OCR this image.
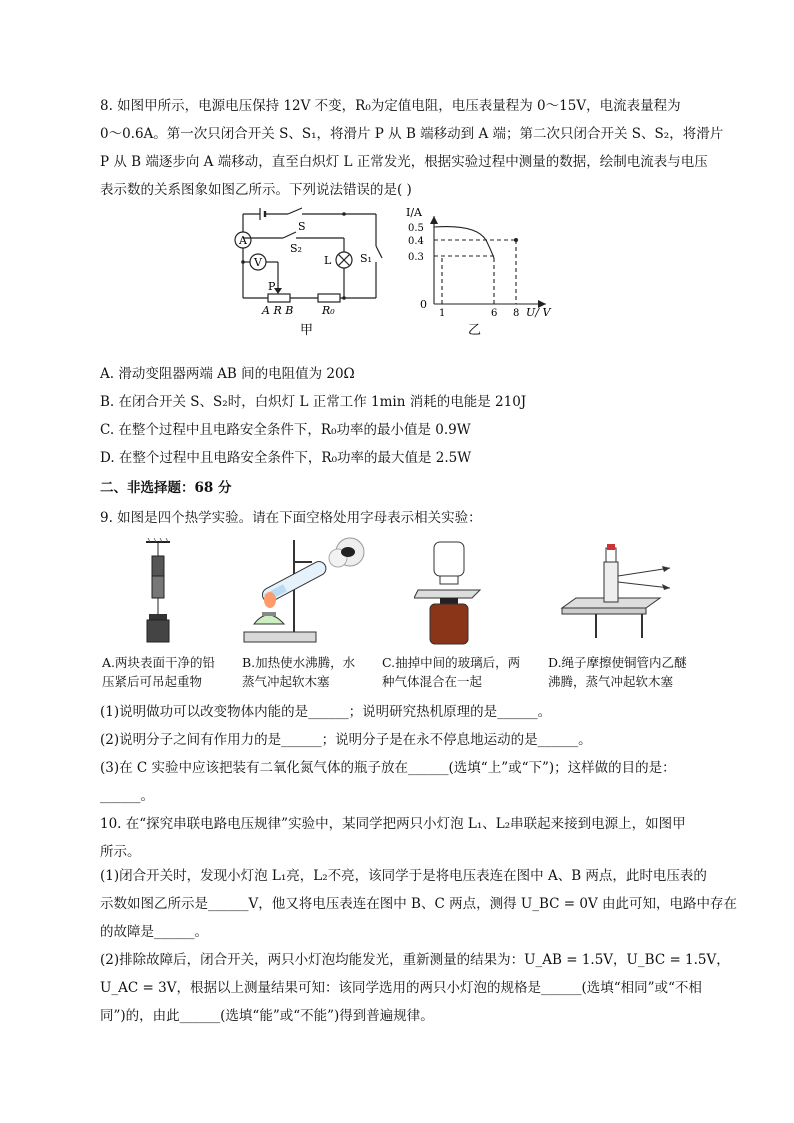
8. 如图甲所示，电源电压保持 12V 不变，R₀为定值电阻，电压表量程为 0～15V，电流表量程为
0～0.6A。第一次只闭合开关 S、S₁，将滑片 P 从 B 端移动到 A 端；第二次只闭合开关 S、S₂，将滑片
P 从 B 端逐步向 A 端移动，直至白炽灯 L 正常发光，根据实验过程中测量的数据，绘制电流表与电压
表示数的关系图象如图乙所示。下列说法错误的是( )
A
V
S
S₂
L	S₁
P
A R B	R₀
甲
I/A
0.5
0.4
0.3
0
1	6 8 U/ V
乙
A. 滑动变阻器两端 AB 间的电阻值为 20Ω
B. 在闭合开关 S、S₂时，白炽灯 L 正常工作 1min 消耗的电能是 210J
C. 在整个过程中且电路安全条件下，R₀功率的最小值是 0.9W
D. 在整个过程中且电路安全条件下，R₀功率的最大值是 2.5W
二、非选择题：68 分
9. 如图是四个热学实验。请在下面空格处用字母表示相关实验：
A.两块表面干净的铅
压紧后可吊起重物
B.加热使水沸腾，水
蒸气冲起软木塞
C.抽掉中间的玻璃后，两
种气体混合在一起
D.绳子摩擦使铜管内乙醚
沸腾，蒸气冲起软木塞
(1)说明做功可以改变物体内能的是______；说明研究热机原理的是______。
(2)说明分子之间有作用力的是______；说明分子是在永不停息地运动的是______。
(3)在 C 实验中应该把装有二氧化氮气体的瓶子放在______(选填“上”或“下”)；这样做的目的是：
______。
10. 在“探究串联电路电压规律”实验中，某同学把两只小灯泡 L₁、L₂串联起来接到电源上，如图甲
所示。
(1)闭合开关时，发现小灯泡 L₁亮，L₂不亮，该同学于是将电压表连在图中 A、B 两点，此时电压表的
示数如图乙所示是______V，他又将电压表连在图中 B、C 两点，测得 U_BC = 0V 由此可知，电路中存在
的故障是______。
(2)排除故障后，闭合开关，两只小灯泡均能发光，重新测量的结果为：U_AB = 1.5V，U_BC = 1.5V，
U_AC = 3V，根据以上测量结果可知：该同学选用的两只小灯泡的规格是______(选填“相同”或“不相
同”)的，由此______(选填“能”或“不能”)得到普遍规律。
